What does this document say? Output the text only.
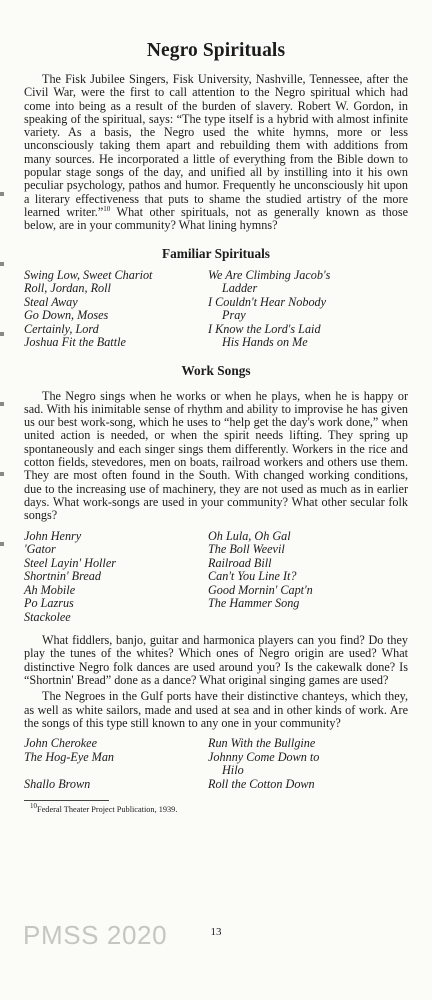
Negro Spirituals

The Fisk Jubilee Singers, Fisk University, Nashville, Tennessee, after the Civil War, were the first to call attention to the Negro spiritual which had come into being as a result of the burden of slavery. Robert W. Gordon, in speaking of the spiritual, says: “The type itself is a hybrid with almost infinite variety. As a basis, the Negro used the white hymns, more or less unconsciously taking them apart and rebuilding them with additions from many sources. He incorporated a little of everything from the Bible down to popular stage songs of the day, and unified all by instilling into it his own peculiar psychology, pathos and humor. Frequently he unconsciously hit upon a literary effectiveness that puts to shame the studied artistry of the more learned writer.”$^{10}$ What other spirituals, not as generally known as those below, are in your community? What lining hymns?

Familiar Spirituals
Swing Low, Sweet Chariot
Roll, Jordan, Roll
Steal Away
Go Down, Moses
Certainly, Lord
Joshua Fit the Battle
We Are Climbing Jacob's
Ladder
I Couldn't Hear Nobody
Pray
I Know the Lord's Laid
His Hands on Me
Work Songs

The Negro sings when he works or when he plays, when he is happy or sad. With his inimitable sense of rhythm and ability to improvise he has given us our best work-song, which he uses to “help get the day's work done,” when united action is needed, or when the spirit needs lifting. They spring up spontaneously and each singer sings them differently. Workers in the rice and cotton fields, stevedores, men on boats, railroad workers and others use them. They are most often found in the South. With changed working conditions, due to the increasing use of machinery, they are not used as much as in earlier days. What work-songs are used in your community? What other secular folk songs?

John Henry
'Gator
Steel Layin' Holler
Shortnin' Bread
Ah Mobile
Po Lazrus
Stackolee
Oh Lula, Oh Gal
The Boll Weevil
Railroad Bill
Can't You Line It?
Good Mornin' Capt'n
The Hammer Song

What fiddlers, banjo, guitar and harmonica players can you find? Do they play the tunes of the whites? Which ones of Negro origin are used? What distinctive Negro folk dances are used around you? Is the cakewalk done? Is “Shortnin' Bread” done as a dance? What original singing games are used?

The Negroes in the Gulf ports have their distinctive chanteys, which they, as well as white sailors, made and used at sea and in other kinds of work. Are the songs of this type still known to any one in your community?

John Cherokee
The Hog-Eye Man
Shallo Brown
Run With the Bullgine
Johnny Come Down to
Hilo
Roll the Cotton Down
$^{10}$Federal Theater Project Publication, 1939.
PMSS 2020	13
